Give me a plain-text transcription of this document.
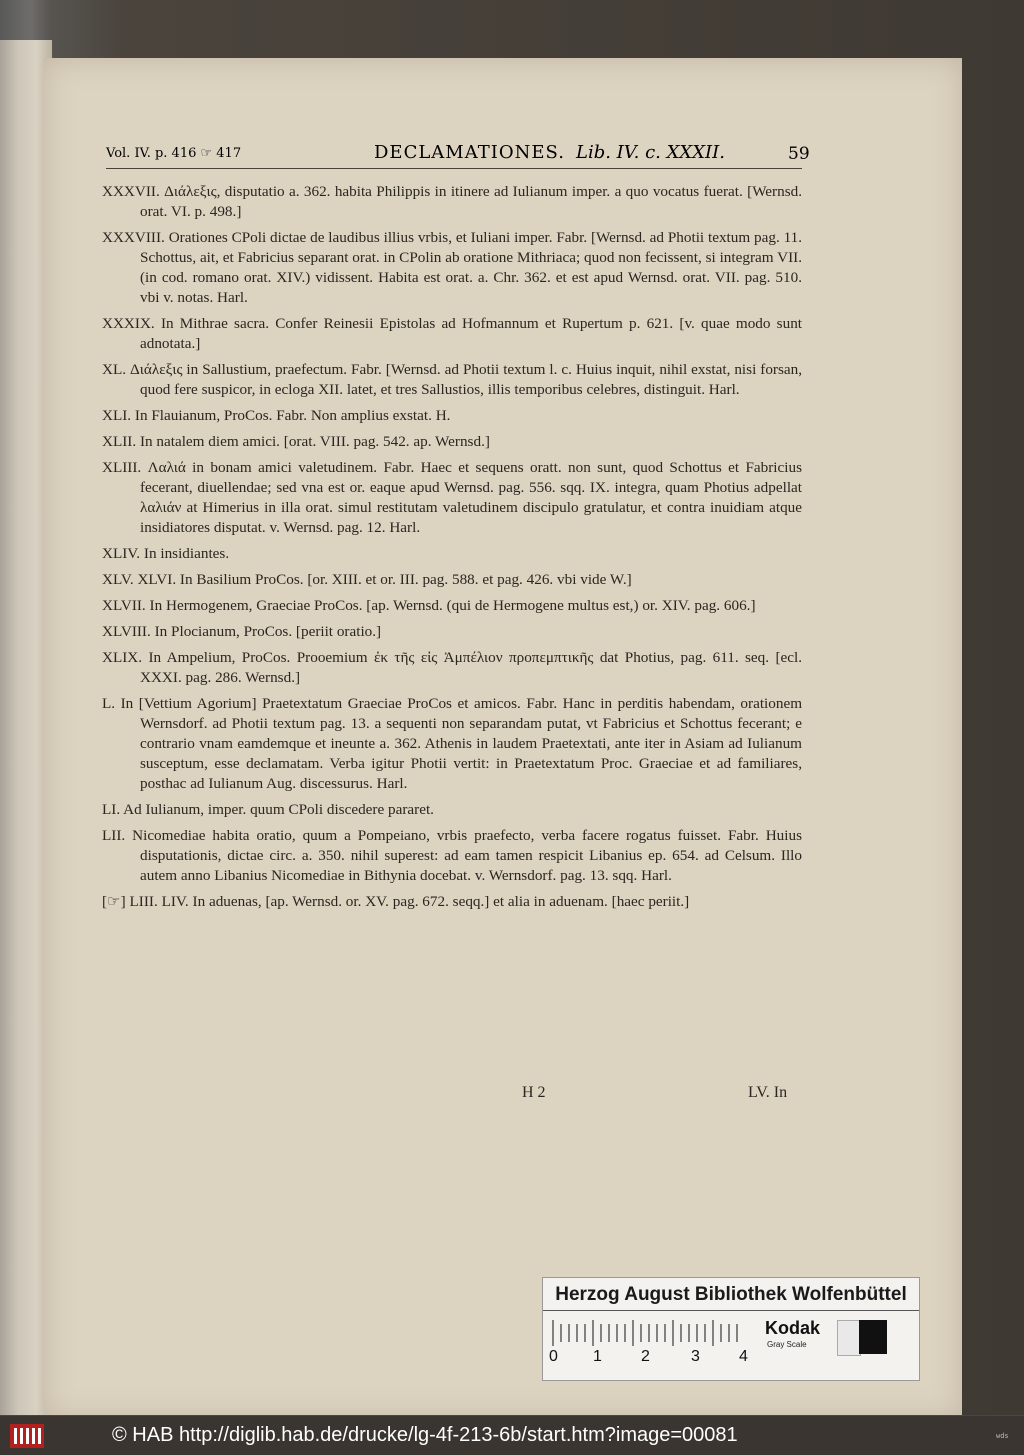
Vol. IV. p. 416 ☞ 417	DECLAMATIONES. Lib. IV. c. XXXII.	59

XXXVII. Διάλεξις, disputatio a. 362. habita Philippis in itinere ad Iulianum imper. a quo vocatus fuerat. [Wernsd. orat. VI. p. 498.]

XXXVIII. Orationes CPoli dictae de laudibus illius vrbis, et Iuliani imper. Fabr. [Wernsd. ad Photii textum pag. 11. Schottus, ait, et Fabricius separant orat. in CPolin ab oratione Mithriaca; quod non fecissent, si integram VII. (in cod. romano orat. XIV.) vidissent. Habita est orat. a. Chr. 362. et est apud Wernsd. orat. VII. pag. 510. vbi v. notas. Harl.

XXXIX. In Mithrae sacra. Confer Reinesii Epistolas ad Hofmannum et Rupertum p. 621. [v. quae modo sunt adnotata.]

XL. Διάλεξις in Sallustium, praefectum. Fabr. [Wernsd. ad Photii textum l. c. Huius inquit, nihil exstat, nisi forsan, quod fere suspicor, in ecloga XII. latet, et tres Sallustios, illis temporibus celebres, distinguit. Harl.

XLI. In Flauianum, ProCos. Fabr. Non amplius exstat. H.

XLII. In natalem diem amici. [orat. VIII. pag. 542. ap. Wernsd.]

XLIII. Λαλιά in bonam amici valetudinem. Fabr. Haec et sequens oratt. non sunt, quod Schottus et Fabricius fecerant, diuellendae; sed vna est or. eaque apud Wernsd. pag. 556. sqq. IX. integra, quam Photius adpellat λαλιάν at Himerius in illa orat. simul restitutam valetudinem discipulo gratulatur, et contra inuidiam atque insidiatores disputat. v. Wernsd. pag. 12. Harl.

XLIV. In insidiantes.

XLV. XLVI. In Basilium ProCos. [or. XIII. et or. III. pag. 588. et pag. 426. vbi vide W.]

XLVII. In Hermogenem, Graeciae ProCos. [ap. Wernsd. (qui de Hermogene multus est,) or. XIV. pag. 606.]

XLVIII. In Plocianum, ProCos. [periit oratio.]

XLIX. In Ampelium, ProCos. Prooemium ἐκ τῆς εἰς Ἀμπέλιον προπεμπτικῆς dat Photius, pag. 611. seq. [ecl. XXXI. pag. 286. Wernsd.]

L. In [Vettium Agorium] Praetextatum Graeciae ProCos et amicos. Fabr. Hanc in perditis habendam, orationem Wernsdorf. ad Photii textum pag. 13. a sequenti non separandam putat, vt Fabricius et Schottus fecerant; e contrario vnam eamdemque et ineunte a. 362. Athenis in laudem Praetextati, ante iter in Asiam ad Iulianum susceptum, esse declamatam. Verba igitur Photii vertit: in Praetextatum Proc. Graeciae et ad familiares, posthac ad Iulianum Aug. discessurus. Harl.

LI. Ad Iulianum, imper. quum CPoli discedere pararet.

LII. Nicomediae habita oratio, quum a Pompeiano, vrbis praefecto, verba facere rogatus fuisset. Fabr. Huius disputationis, dictae circ. a. 350. nihil superest: ad eam tamen respicit Libanius ep. 654. ad Celsum. Illo autem anno Libanius Nicomediae in Bithynia docebat. v. Wernsdorf. pag. 13. sqq. Harl.

[☞] LIII. LIV. In aduenas, [ap. Wernsd. or. XV. pag. 672. seqq.] et alia in aduenam. [haec periit.]

H 2	LV. In
Herzog August Bibliothek Wolfenbüttel
Kodak
Gray Scale
0 1 2	3 4
© HAB http://diglib.hab.de/drucke/lg-4f-213-6b/start.htm?image=00081	wds
